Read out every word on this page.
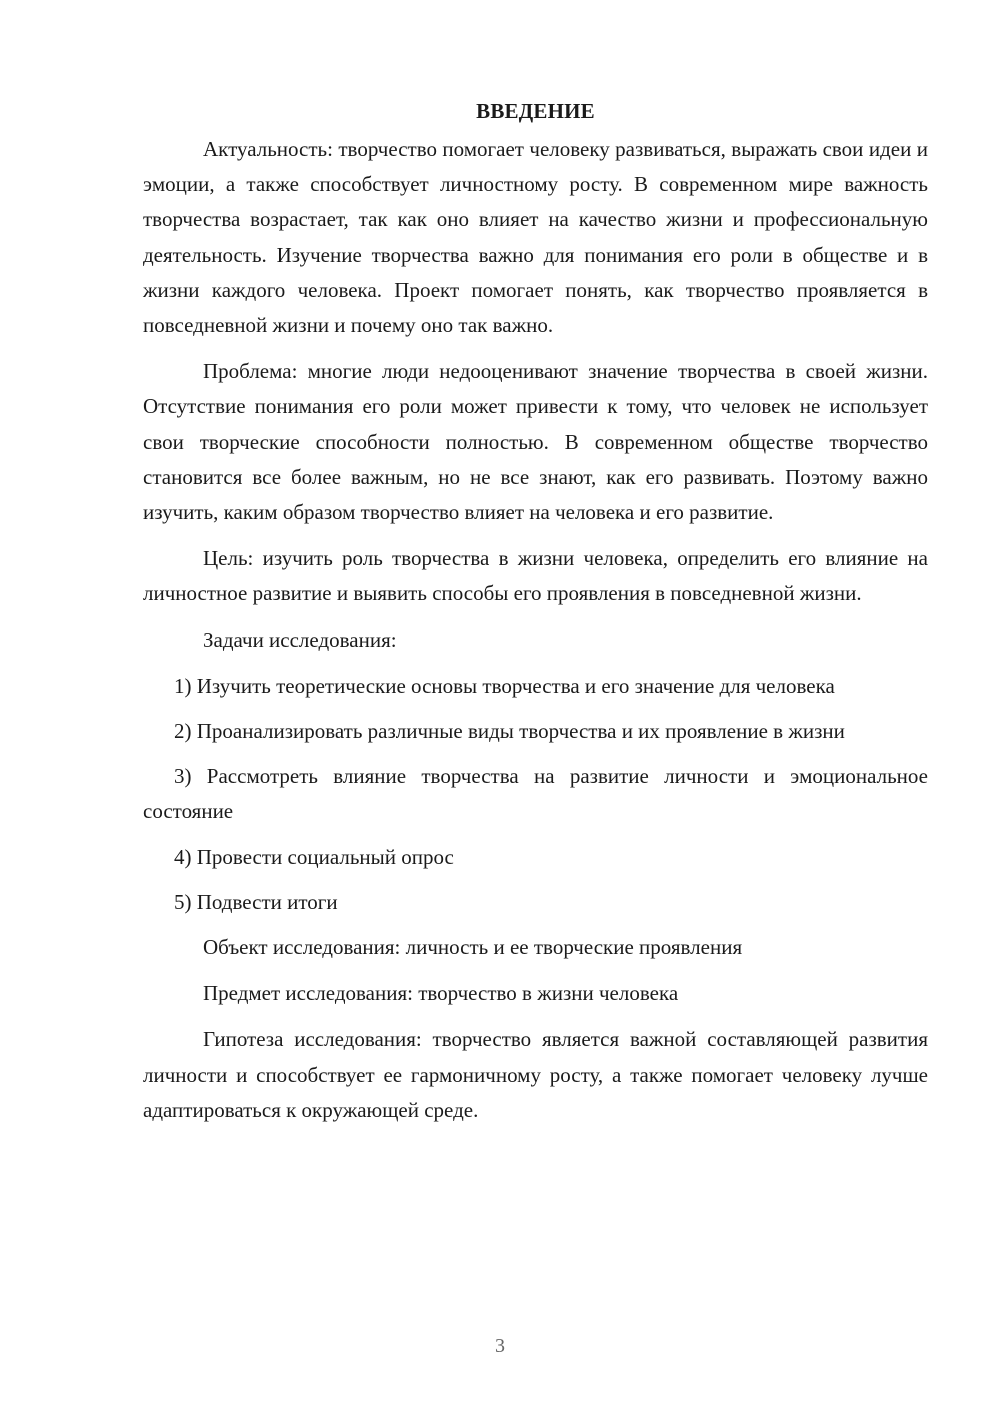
ВВЕДЕНИЕ

Актуальность: творчество помогает человеку развиваться, выражать свои идеи и эмоции, а также способствует личностному росту. В современном мире важность творчества возрастает, так как оно влияет на качество жизни и профессиональную деятельность. Изучение творчества важно для понимания его роли в обществе и в жизни каждого человека. Проект помогает понять, как творчество проявляется в повседневной жизни и почему оно так важно.

Проблема: многие люди недооценивают значение творчества в своей жизни. Отсутствие понимания его роли может привести к тому, что человек не использует свои творческие способности полностью. В современном обществе творчество становится все более важным, но не все знают, как его развивать. Поэтому важно изучить, каким образом творчество влияет на человека и его развитие.

Цель: изучить роль творчества в жизни человека, определить его влияние на личностное развитие и выявить способы его проявления в повседневной жизни.

Задачи исследования:

1) Изучить теоретические основы творчества и его значение для человека

2) Проанализировать различные виды творчества и их проявление в жизни

3) Рассмотреть влияние творчества на развитие личности и эмоциональное состояние

4) Провести социальный опрос

5) Подвести итоги

Объект исследования: личность и ее творческие проявления

Предмет исследования: творчество в жизни человека

Гипотеза исследования: творчество является важной составляющей развития личности и способствует ее гармоничному росту, а также помогает человеку лучше адаптироваться к окружающей среде.

3
